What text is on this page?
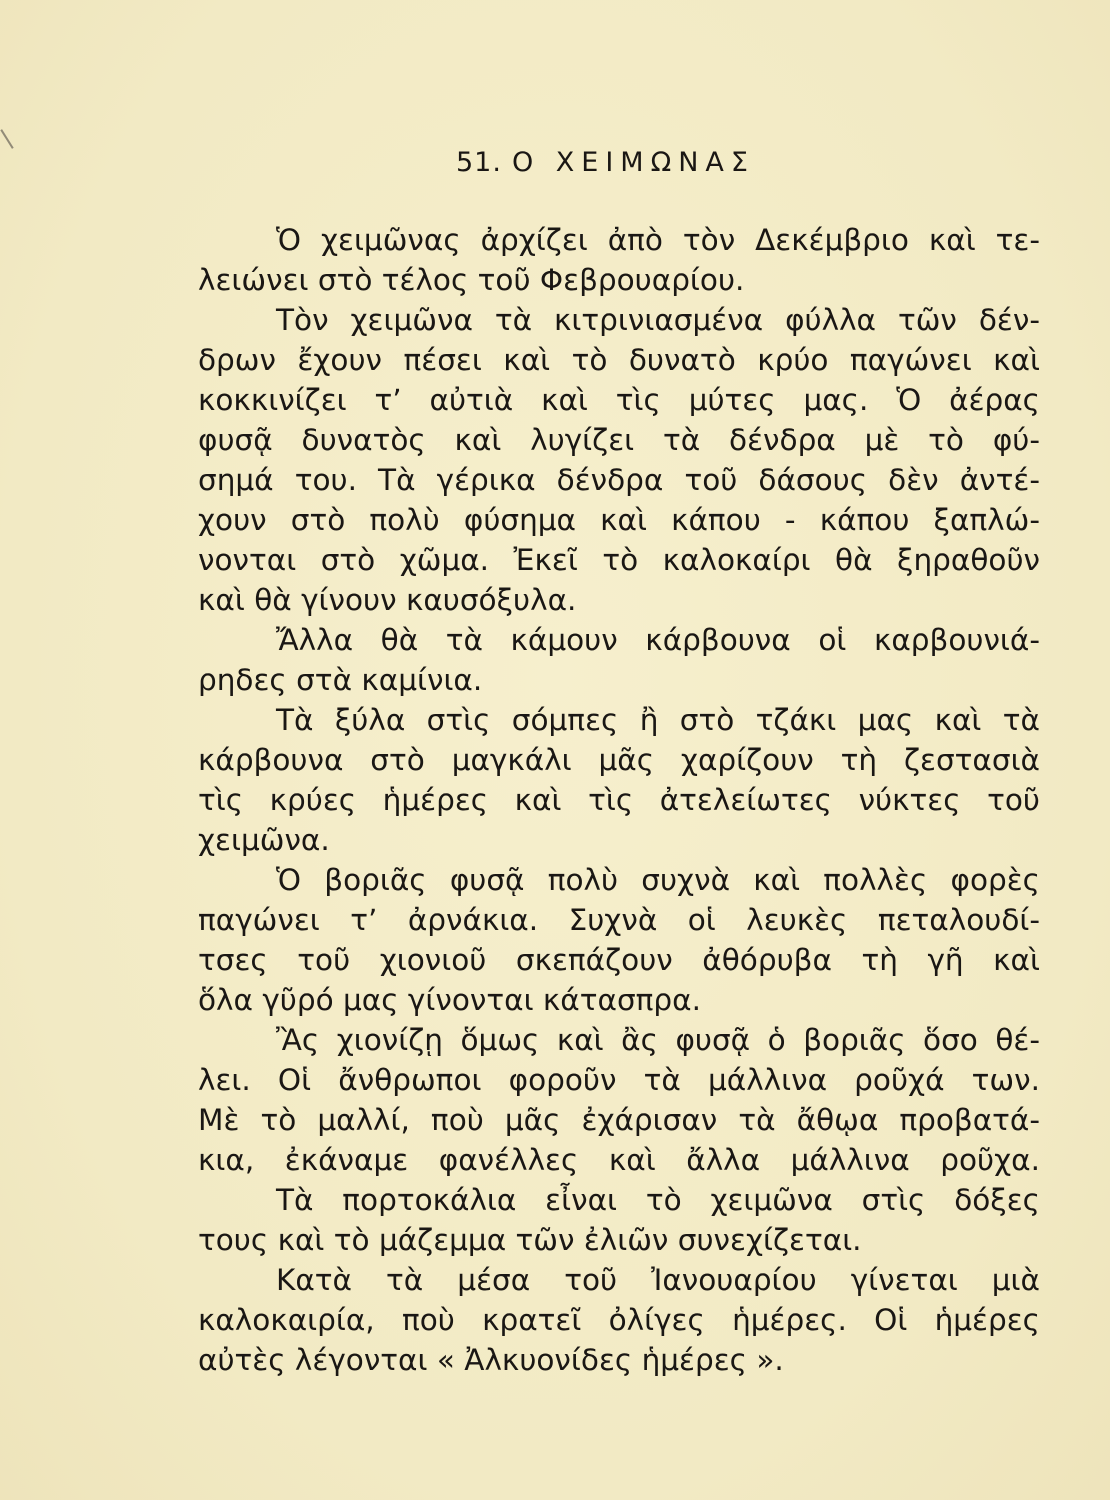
51. Ο ΧΕΙΜΩΝΑΣ
Ὁ χειμῶνας ἀρχίζει ἀπὸ τὸν Δεκέμβριο καὶ τε-
λειώνει στὸ τέλος τοῦ Φεβρουαρίου.
Τὸν χειμῶνα τὰ κιτρινιασμένα φύλλα τῶν δέν-
δρων ἔχουν πέσει καὶ τὸ δυνατὸ κρύο παγώνει καὶ
κοκκινίζει τ’ αὐτιὰ καὶ τὶς μύτες μας. Ὁ ἀέρας
φυσᾷ δυνατὸς καὶ λυγίζει τὰ δένδρα μὲ τὸ φύ-
σημά του. Τὰ γέρικα δένδρα τοῦ δάσους δὲν ἀντέ-
χουν στὸ πολὺ φύσημα καὶ κάπου - κάπου ξαπλώ-
νονται στὸ χῶμα. Ἐκεῖ τὸ καλοκαίρι θὰ ξηραθοῦν
καὶ θὰ γίνουν καυσόξυλα.
Ἄλλα θὰ τὰ κάμουν κάρβουνα οἱ καρβουνιά-
ρηδες στὰ καμίνια.
Τὰ ξύλα στὶς σόμπες ἢ στὸ τζάκι μας καὶ τὰ
κάρβουνα στὸ μαγκάλι μᾶς χαρίζουν τὴ ζεστασιὰ
τὶς κρύες ἡμέρες καὶ τὶς ἀτελείωτες νύκτες τοῦ
χειμῶνα.
Ὁ βοριᾶς φυσᾷ πολὺ συχνὰ καὶ πολλὲς φορὲς
παγώνει τ’ ἀρνάκια. Συχνὰ οἱ λευκὲς πεταλουδί-
τσες τοῦ χιονιοῦ σκεπάζουν ἀθόρυβα τὴ γῆ καὶ
ὅλα γῦρό μας γίνονται κάτασπρα.
Ἂς χιονίζῃ ὅμως καὶ ἂς φυσᾷ ὁ βοριᾶς ὅσο θέ-
λει. Οἱ ἄνθρωποι φοροῦν τὰ μάλλινα ροῦχά των.
Μὲ τὸ μαλλί, ποὺ μᾶς ἐχάρισαν τὰ ἄθῳα προβατά-
κια, ἐκάναμε φανέλλες καὶ ἄλλα μάλλινα ροῦχα.
Τὰ πορτοκάλια εἶναι τὸ χειμῶνα στὶς δόξες
τους καὶ τὸ μάζεμμα τῶν ἐλιῶν συνεχίζεται.
Κατὰ τὰ μέσα τοῦ Ἰανουαρίου γίνεται μιὰ
καλοκαιρία, ποὺ κρατεῖ ὀλίγες ἡμέρες. Οἱ ἡμέρες
αὐτὲς λέγονται « Ἀλκυονίδες ἡμέρες ».
